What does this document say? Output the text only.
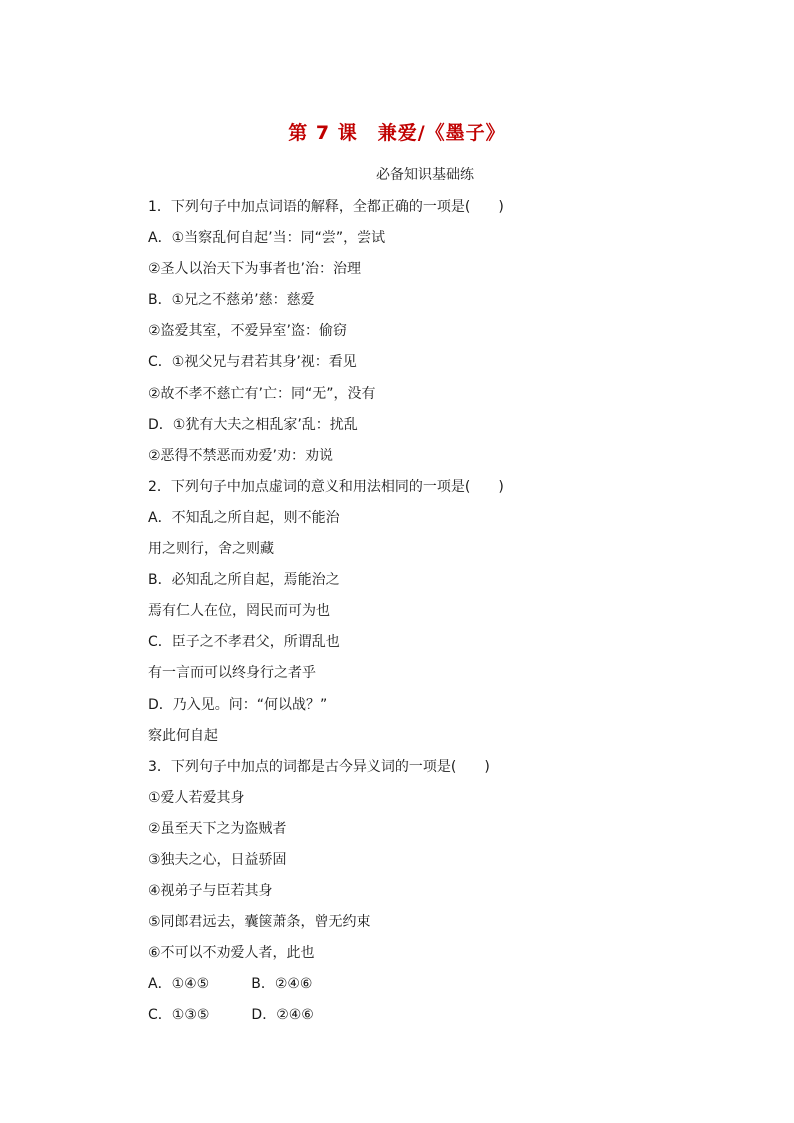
第 7 课　兼爱/《墨子》
必备知识基础练
1．下列句子中加点词语的解释，全都正确的一项是(　　)
A．①当察乱何自起’当：同“尝”，尝试
②圣人以治天下为事者也’治：治理
B．①兄之不慈弟’慈：慈爱
②盗爱其室，不爱异室’盗：偷窃
C．①视父兄与君若其身’视：看见
②故不孝不慈亡有’亡：同“无”，没有
D．①犹有大夫之相乱家’乱：扰乱
②恶得不禁恶而劝爱’劝：劝说
2．下列句子中加点虚词的意义和用法相同的一项是(　　)
A．不知乱之所自起，则不能治
用之则行，舍之则藏
B．必知乱之所自起，焉能治之
焉有仁人在位，罔民而可为也
C．臣子之不孝君父，所谓乱也
有一言而可以终身行之者乎
D．乃入见。问：“何以战？”
察此何自起
3．下列句子中加点的词都是古今异义词的一项是(　　)
①爱人若爱其身
②虽至天下之为盗贼者
③独夫之心，日益骄固
④视弟子与臣若其身
⑤同郎君远去，囊箧萧条，曾无约束
⑥不可以不劝爱人者，此也
A．①④⑤　　　B．②④⑥
C．①③⑤　　　D．②④⑥
